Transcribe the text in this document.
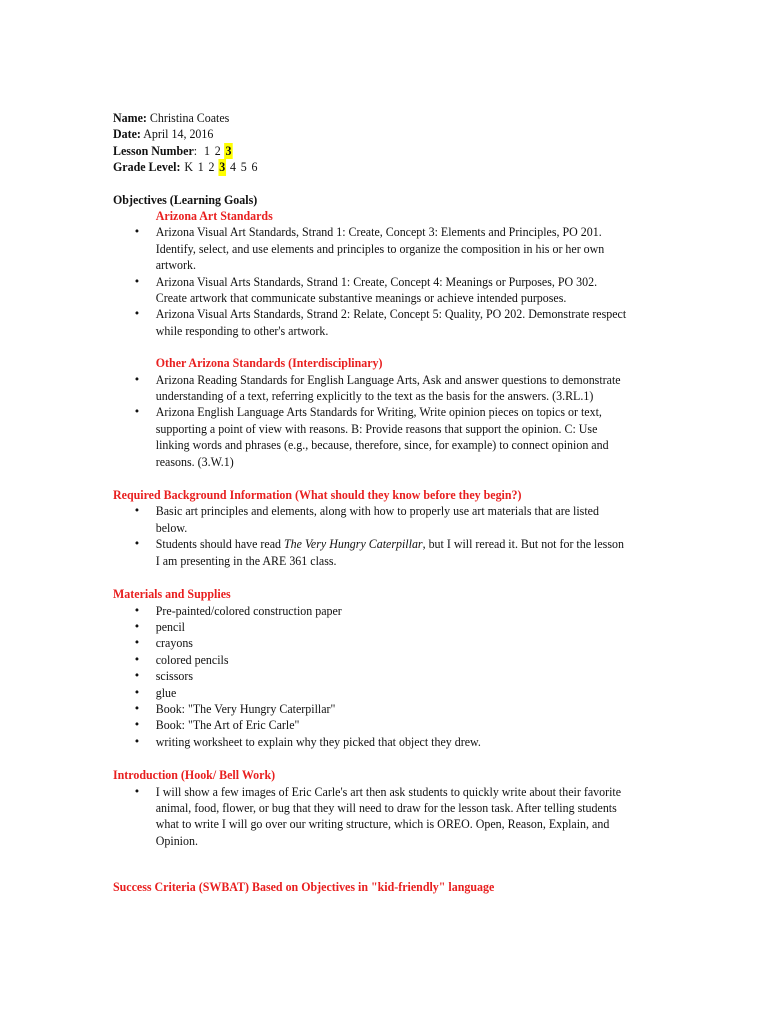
Name: Christina Coates
Date: April 14, 2016
Lesson Number: 1 2 3
Grade Level: K 1 2 3 4 5 6
Objectives (Learning Goals)
Arizona Art Standards
• Arizona Visual Art Standards, Strand 1: Create, Concept 3: Elements and Principles, PO 201. Identify, select, and use elements and principles to organize the composition in his or her own artwork.
• Arizona Visual Arts Standards, Strand 1: Create, Concept 4: Meanings or Purposes, PO 302. Create artwork that communicate substantive meanings or achieve intended purposes.
• Arizona Visual Arts Standards, Strand 2: Relate, Concept 5: Quality, PO 202. Demonstrate respect while responding to other's artwork.
Other Arizona Standards (Interdisciplinary)
• Arizona Reading Standards for English Language Arts, Ask and answer questions to demonstrate understanding of a text, referring explicitly to the text as the basis for the answers. (3.RL.1)
• Arizona English Language Arts Standards for Writing, Write opinion pieces on topics or text, supporting a point of view with reasons. B: Provide reasons that support the opinion. C: Use linking words and phrases (e.g., because, therefore, since, for example) to connect opinion and reasons. (3.W.1)
Required Background Information (What should they know before they begin?)
• Basic art principles and elements, along with how to properly use art materials that are listed below.
• Students should have read The Very Hungry Caterpillar, but I will reread it. But not for the lesson I am presenting in the ARE 361 class.
Materials and Supplies
• Pre-painted/colored construction paper
• pencil
• crayons
• colored pencils
• scissors
• glue
• Book: "The Very Hungry Caterpillar"
• Book: "The Art of Eric Carle"
• writing worksheet to explain why they picked that object they drew.
Introduction (Hook/ Bell Work)
• I will show a few images of Eric Carle's art then ask students to quickly write about their favorite animal, food, flower, or bug that they will need to draw for the lesson task. After telling students what to write I will go over our writing structure, which is OREO. Open, Reason, Explain, and Opinion.
Success Criteria (SWBAT) Based on Objectives in "kid-friendly" language
